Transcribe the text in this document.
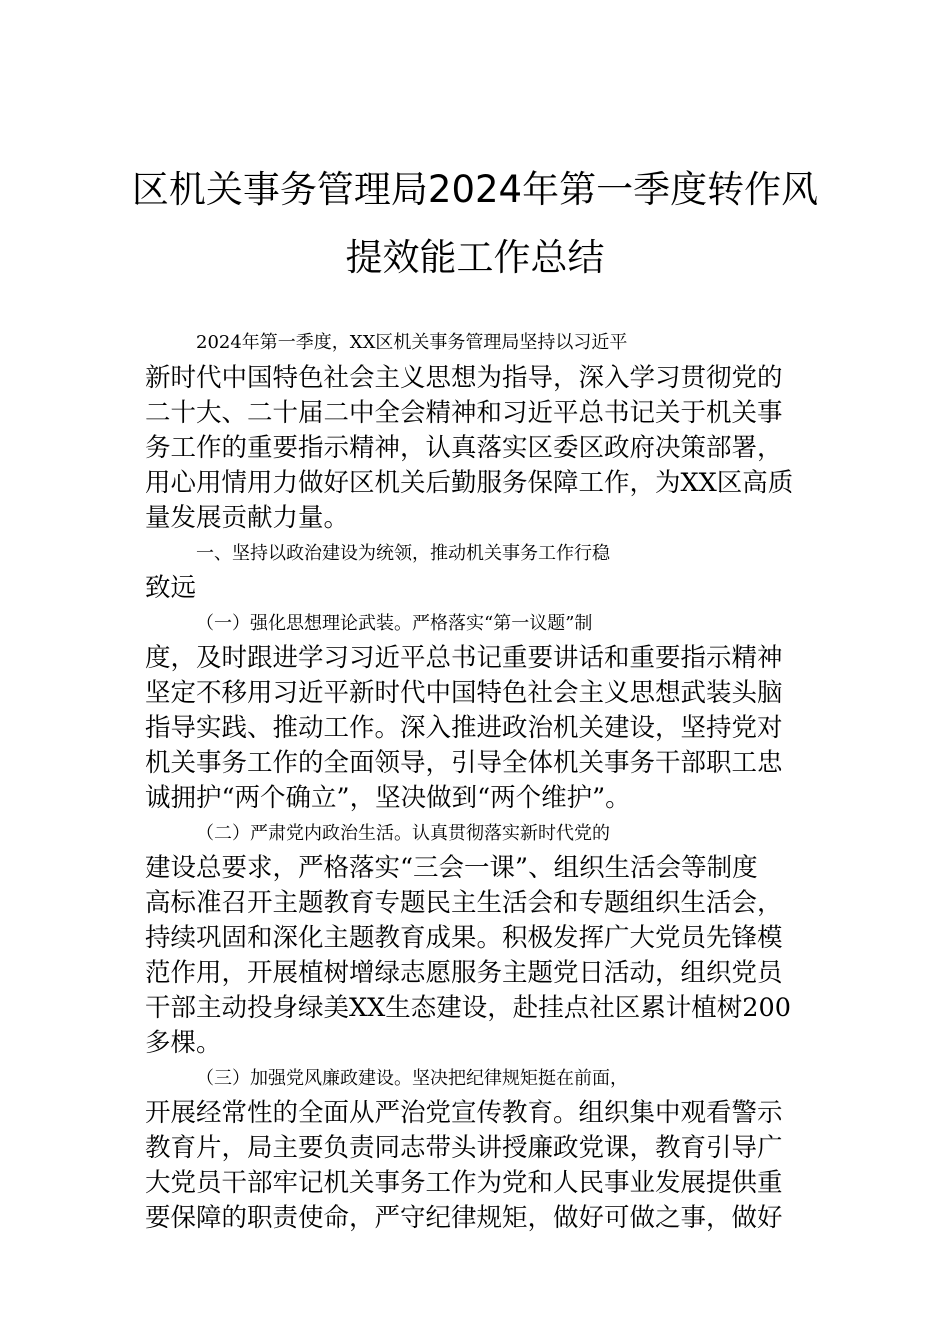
区机关事务管理局2024年第一季度转作风
提效能工作总结
2024年第一季度，XX区机关事务管理局坚持以习近平
新时代中国特色社会主义思想为指导，深入学习贯彻党的
二十大、二十届二中全会精神和习近平总书记关于机关事
务工作的重要指示精神，认真落实区委区政府决策部署，
用心用情用力做好区机关后勤服务保障工作，为XX区高质
量发展贡献力量。
一、坚持以政治建设为统领，推动机关事务工作行稳
致远
（一）强化思想理论武装。严格落实“第一议题”制
度，及时跟进学习习近平总书记重要讲话和重要指示精神
坚定不移用习近平新时代中国特色社会主义思想武装头脑
指导实践、推动工作。深入推进政治机关建设，坚持党对
机关事务工作的全面领导，引导全体机关事务干部职工忠
诚拥护“两个确立”，坚决做到“两个维护”。
（二）严肃党内政治生活。认真贯彻落实新时代党的
建设总要求，严格落实“三会一课”、组织生活会等制度
高标准召开主题教育专题民主生活会和专题组织生活会，
持续巩固和深化主题教育成果。积极发挥广大党员先锋模
范作用，开展植树增绿志愿服务主题党日活动，组织党员
干部主动投身绿美XX生态建设，赴挂点社区累计植树200
多棵。
（三）加强党风廉政建设。坚决把纪律规矩挺在前面，
开展经常性的全面从严治党宣传教育。组织集中观看警示
教育片，局主要负责同志带头讲授廉政党课，教育引导广
大党员干部牢记机关事务工作为党和人民事业发展提供重
要保障的职责使命，严守纪律规矩，做好可做之事，做好
